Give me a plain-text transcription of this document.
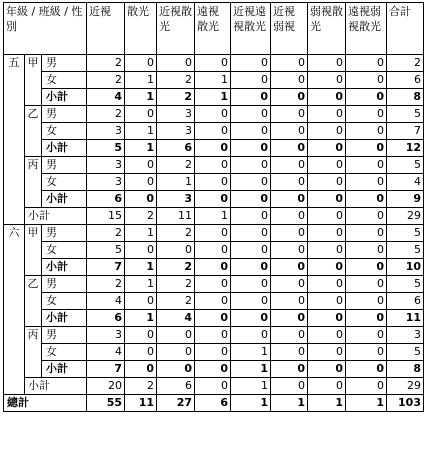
年級 / 班級 / 性別			近視	散光	近視散光	遠視散光	近視遠視散光	近視弱視	弱視散光	遠視弱視散光	合計
五	甲	男	2	0	0	0	0	0	0	0	2
		女	2	1	2	1	0	0	0	0	6
		小計	4	1	2	1	0	0	0	0	8
	乙	男	2	0	3	0	0	0	0	0	5
		女	3	1	3	0	0	0	0	0	7
		小計	5	1	6	0	0	0	0	0	12
	丙	男	3	0	2	0	0	0	0	0	5
		女	3	0	1	0	0	0	0	0	4
		小計	6	0	3	0	0	0	0	0	9
	小計		15	2	11	1	0	0	0	0	29
六	甲	男	2	1	2	0	0	0	0	0	5
		女	5	0	0	0	0	0	0	0	5
		小計	7	1	2	0	0	0	0	0	10
	乙	男	2	1	2	0	0	0	0	0	5
		女	4	0	2	0	0	0	0	0	6
		小計	6	1	4	0	0	0	0	0	11
	丙	男	3	0	0	0	0	0	0	0	3
		女	4	0	0	0	1	0	0	0	5
		小計	7	0	0	0	1	0	0	0	8
	小計		20	2	6	0	1	0	0	0	29
總計			55	11	27	6	1	1	1	1	103
